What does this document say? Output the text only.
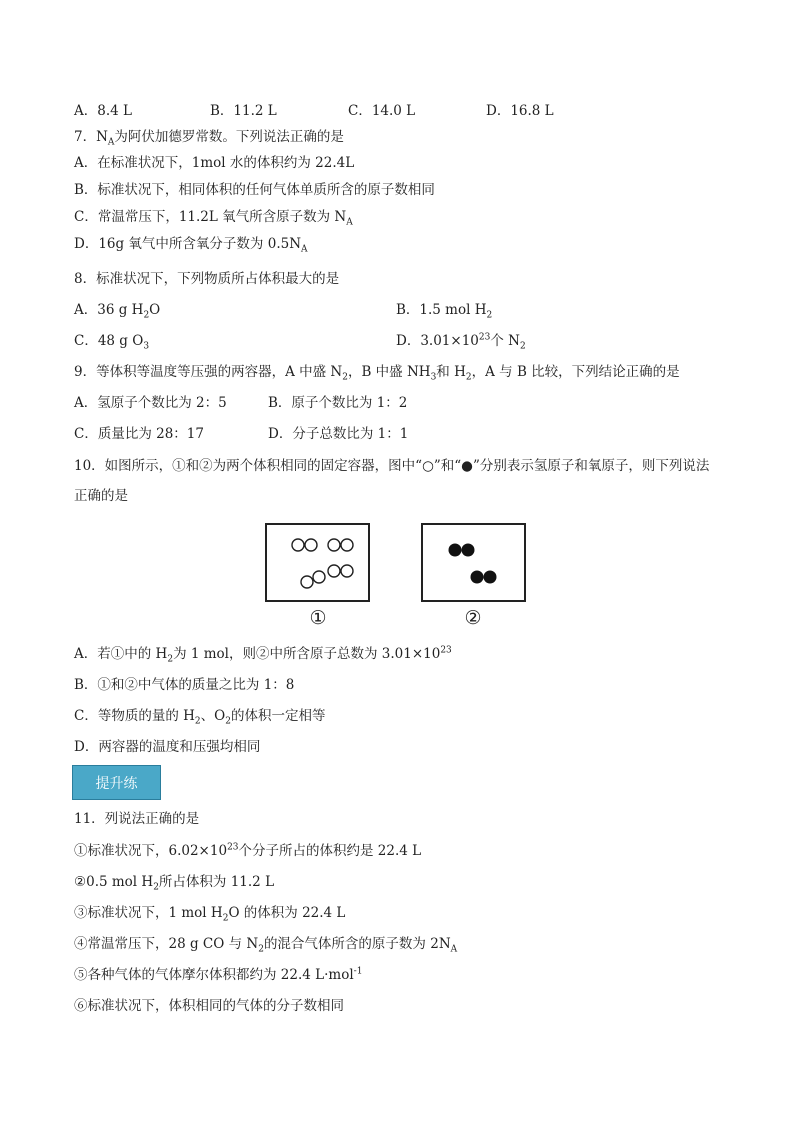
A．8.4 L	B．11.2 L	C．14.0 L	D．16.8 L
7．$N_A$为阿伏加德罗常数。下列说法正确的是
A．在标准状况下，1mol 水的体积约为 22.4L
B．标准状况下，相同体积的任何气体单质所含的原子数相同
C．常温常压下，11.2L 氧气所含原子数为 $N_A$
D．16g 氧气中所含氧分子数为 $0.5N_A$
8．标准状况下，下列物质所占体积最大的是
A．36 g $H_2O$	B．1.5 mol $H_2$
C．48 g $O_3$	D．$3.01\times 10^{23}$个 $N_2$
9．等体积等温度等压强的两容器，A 中盛 $N_2$，B 中盛 $NH_3$和 $H_2$，A 与 B 比较，下列结论正确的是
A．氢原子个数比为 2：5	B．原子个数比为 1：2
C．质量比为 28：17	D．分子总数比为 1：1
10．如图所示，①和②为两个体积相同的固定容器，图中“○”和“●”分别表示氢原子和氧原子，则下列说法
正确的是
①	②
A．若①中的 $H_2$为 1 mol，则②中所含原子总数为 $3.01\times 10^{23}$
B．①和②中气体的质量之比为 1：8
C．等物质的量的 $H_2$、$O_2$的体积一定相等
D．两容器的温度和压强均相同
提升练
11．列说法正确的是
①标准状况下，$6.02\times 10^{23}$个分子所占的体积约是 22.4 L
②0.5 mol $H_2$所占体积为 11.2 L
③标准状况下，1 mol $H_2O$ 的体积为 22.4 L
④常温常压下，28 g CO 与 $N_2$的混合气体所含的原子数为 $2N_A$
⑤各种气体的气体摩尔体积都约为 22.4 L·mol$^{-1}$
⑥标准状况下，体积相同的气体的分子数相同
